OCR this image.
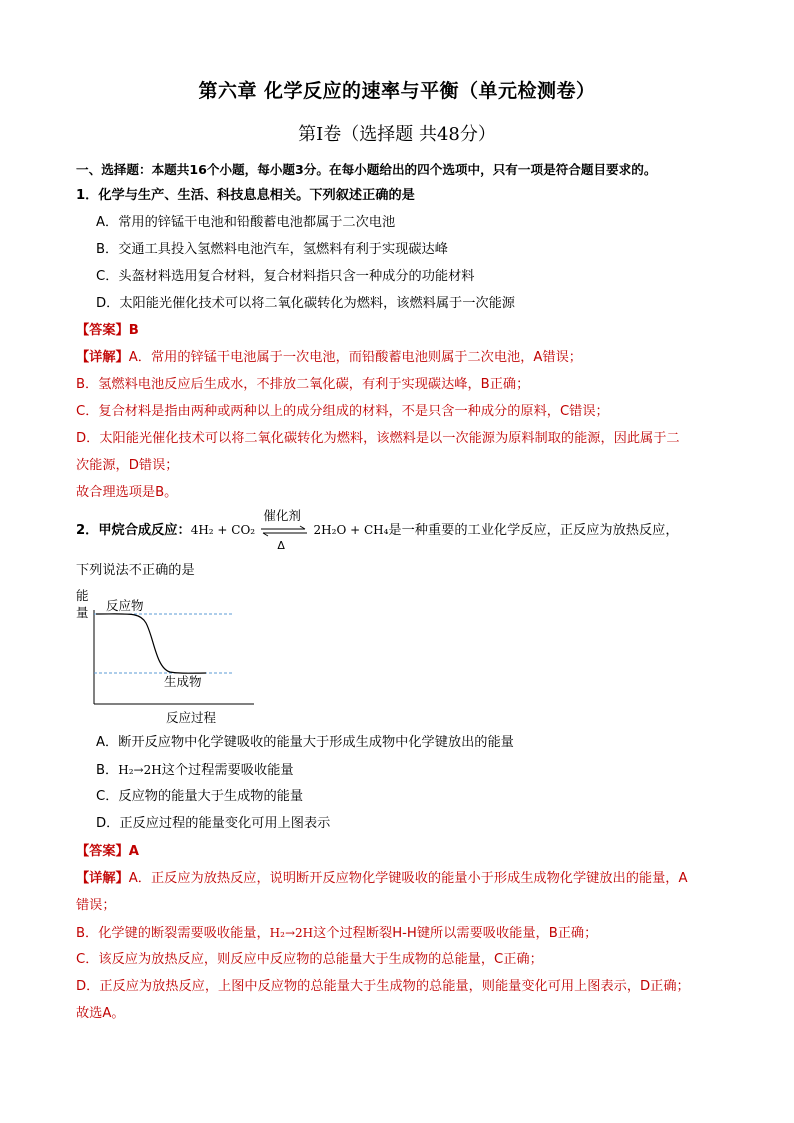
第六章 化学反应的速率与平衡（单元检测卷）
第Ⅰ卷（选择题 共48分）
一、选择题：本题共16个小题，每小题3分。在每小题给出的四个选项中，只有一项是符合题目要求的。
1．化学与生产、生活、科技息息相关。下列叙述正确的是
A．常用的锌锰干电池和铅酸蓄电池都属于二次电池
B．交通工具投入氢燃料电池汽车，氢燃料有利于实现碳达峰
C．头盔材料选用复合材料，复合材料指只含一种成分的功能材料
D．太阳能光催化技术可以将二氧化碳转化为燃料，该燃料属于一次能源
【答案】B
【详解】A．常用的锌锰干电池属于一次电池，而铅酸蓄电池则属于二次电池，A错误；
B．氢燃料电池反应后生成水，不排放二氧化碳，有利于实现碳达峰，B正确；
C．复合材料是指由两种或两种以上的成分组成的材料，不是只含一种成分的原料，C错误；
D．太阳能光催化技术可以将二氧化碳转化为燃料，该燃料是以一次能源为原料制取的能源，因此属于二
次能源，D错误；
故合理选项是B。
2．甲烷合成反应：4H₂ + CO₂
催化剂
Δ
2H₂O + CH₄是一种重要的工业化学反应，正反应为放热反应，
下列说法不正确的是
能
量 反应物
生成物
反应过程
A．断开反应物中化学键吸收的能量大于形成生成物中化学键放出的能量
B．H₂→2H这个过程需要吸收能量
C．反应物的能量大于生成物的能量
D．正反应过程的能量变化可用上图表示
【答案】A
【详解】A．正反应为放热反应，说明断开反应物化学键吸收的能量小于形成生成物化学键放出的能量，A
错误；
B．化学键的断裂需要吸收能量，H₂→2H这个过程断裂H-H键所以需要吸收能量，B正确；
C．该反应为放热反应，则反应中反应物的总能量大于生成物的总能量，C正确；
D．正反应为放热反应，上图中反应物的总能量大于生成物的总能量，则能量变化可用上图表示，D正确；
故选A。
